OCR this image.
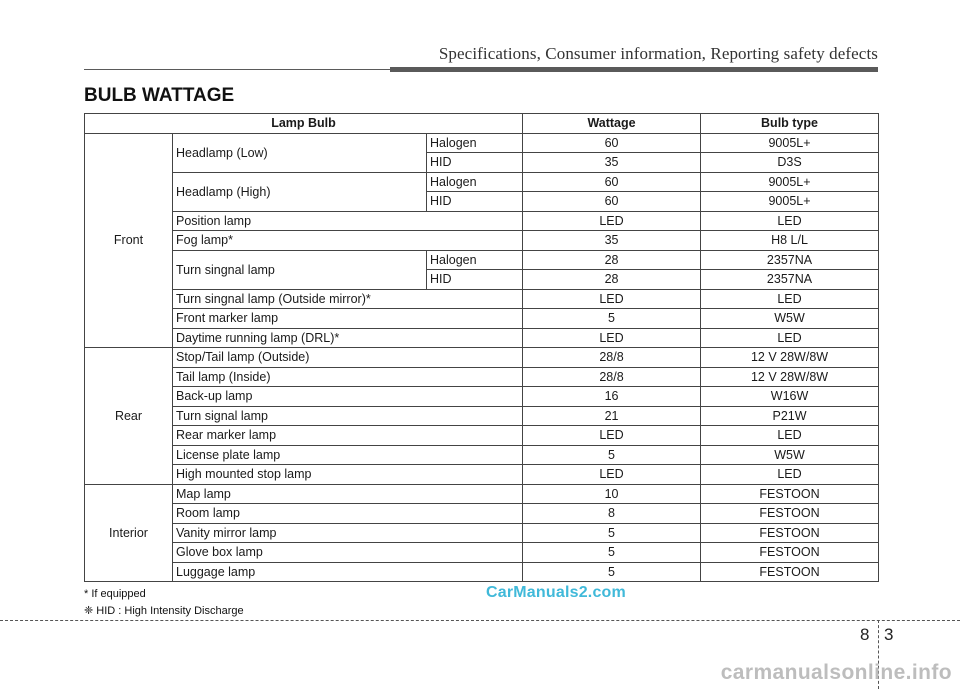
Specifications, Consumer information, Reporting safety defects
BULB WATTAGE
Lamp Bulb			Wattage	Bulb type
Front	Headlamp (Low)	Halogen	60	9005L+
		HID	35	D3S
	Headlamp (High)	Halogen	60	9005L+
		HID	60	9005L+
	Position lamp		LED	LED
	Fog lamp*		35	H8 L/L
	Turn singnal lamp	Halogen	28	2357NA
		HID	28	2357NA
	Turn singnal lamp (Outside mirror)*		LED	LED
	Front marker lamp		5	W5W
	Daytime running lamp (DRL)*		LED	LED
Rear	Stop/Tail lamp (Outside)		28/8	12 V 28W/8W
	Tail lamp (Inside)		28/8	12 V 28W/8W
	Back-up lamp		16	W16W
	Turn signal lamp		21	P21W
	Rear marker lamp		LED	LED
	License plate lamp		5	W5W
	High mounted stop lamp		LED	LED
Interior	Map lamp		10	FESTOON
	Room lamp		8	FESTOON
	Vanity mirror lamp		5	FESTOON
	Glove box lamp		5	FESTOON
	Luggage lamp		5	FESTOON
* If equipped
❈ HID : High Intensity Discharge
CarManuals2.com
8 3
carmanualsonline.info
